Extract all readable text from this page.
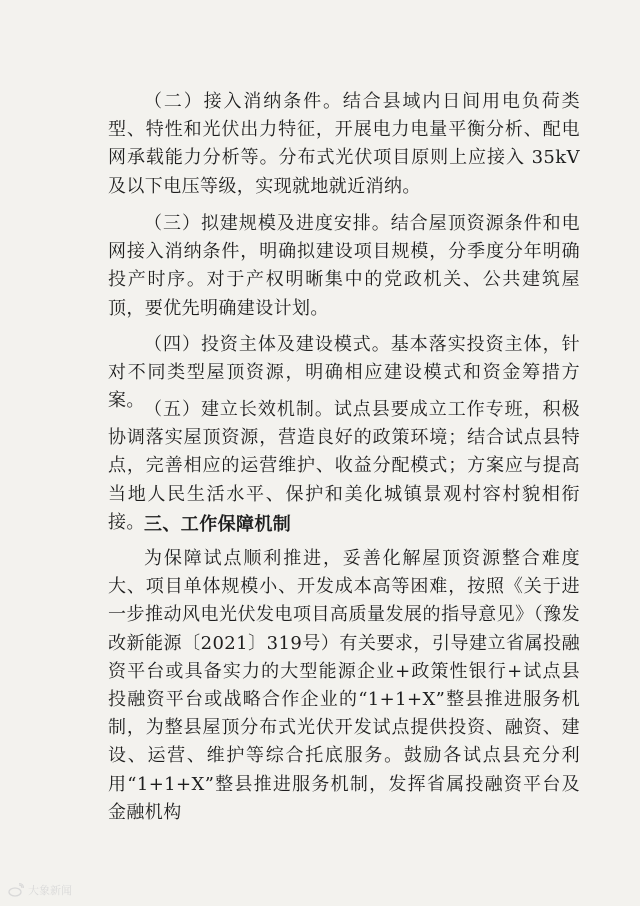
（二）接入消纳条件。结合县域内日间用电负荷类型、特性和光伏出力特征，开展电力电量平衡分析、配电网承载能力分析等。分布式光伏项目原则上应接入 35kV 及以下电压等级，实现就地就近消纳。

（三）拟建规模及进度安排。结合屋顶资源条件和电网接入消纳条件，明确拟建设项目规模，分季度分年明确投产时序。对于产权明晰集中的党政机关、公共建筑屋顶，要优先明确建设计划。

（四）投资主体及建设模式。基本落实投资主体，针对不同类型屋顶资源，明确相应建设模式和资金筹措方案。 （五）建立长效机制。试点县要成立工作专班，积极协调落实屋顶资源，营造良好的政策环境；结合试点县特点，完善相应的运营维护、收益分配模式；方案应与提高当地人民生活水平、保护和美化城镇景观村容村貌相衔接。 三、工作保障机制

为保障试点顺利推进，妥善化解屋顶资源整合难度大、项目单体规模小、开发成本高等困难，按照《关于进一步推动风电光伏发电项目高质量发展的指导意见》（豫发改新能源〔2021〕319号）有关要求，引导建立省属投融资平台或具备实力的大型能源企业+政策性银行+试点县投融资平台或战略合作企业的“1+1+X”整县推进服务机制，为整县屋顶分布式光伏开发试点提供投资、融资、建设、运营、维护等综合托底服务。鼓励各试点县充分利用“1+1+X”整县推进服务机制，发挥省属投融资平台及金融机构

大象新闻
